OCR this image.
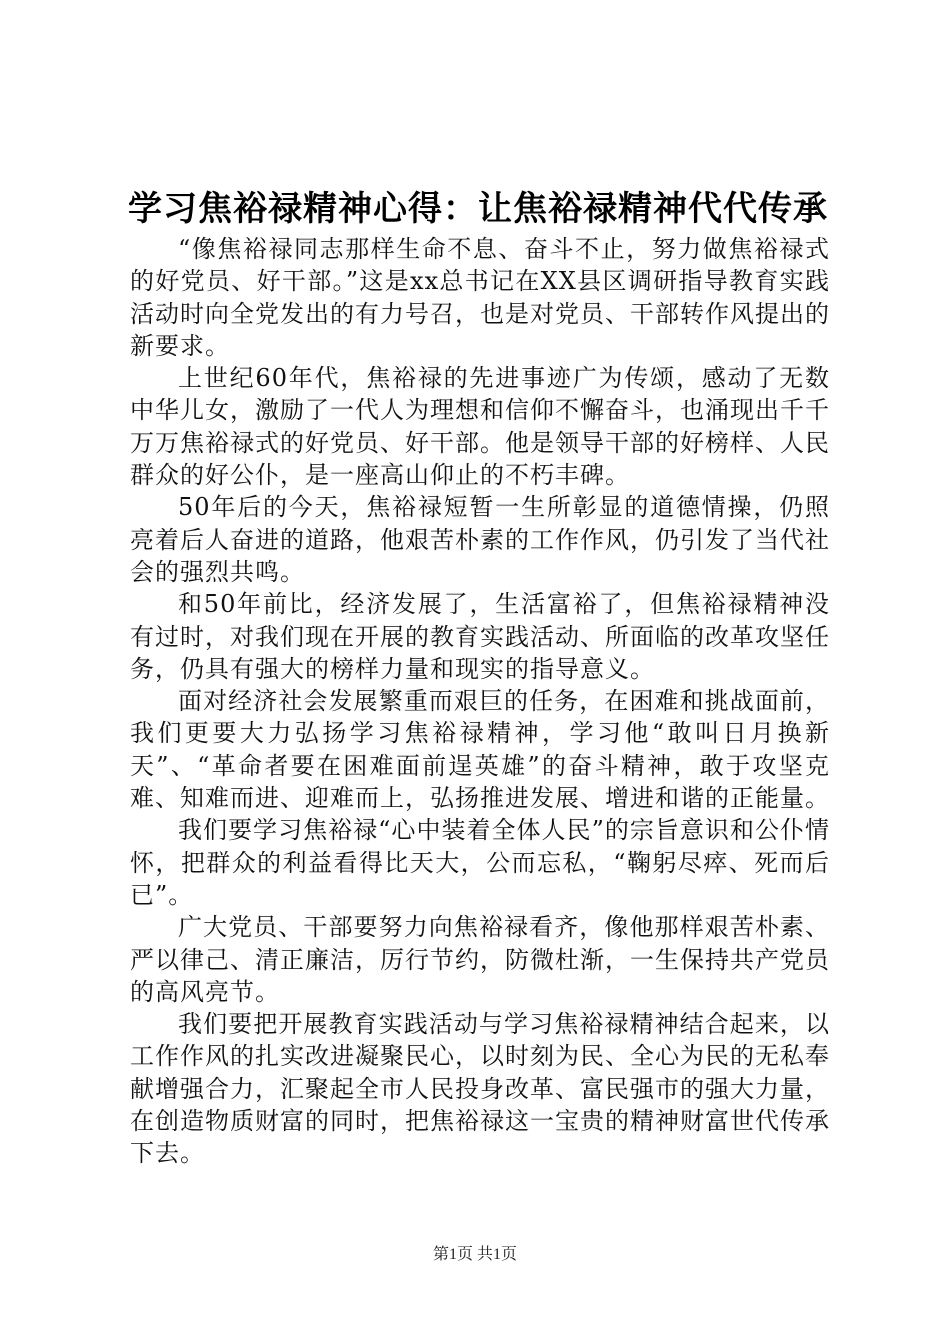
学习焦裕禄精神心得：让焦裕禄精神代代传承

“像焦裕禄同志那样生命不息、奋斗不止，努力做焦裕禄式的好党员、好干部。”这是xx总书记在XX县区调研指导教育实践活动时向全党发出的有力号召，也是对党员、干部转作风提出的新要求。

上世纪60年代，焦裕禄的先进事迹广为传颂，感动了无数中华儿女，激励了一代人为理想和信仰不懈奋斗，也涌现出千千万万焦裕禄式的好党员、好干部。他是领导干部的好榜样、人民群众的好公仆，是一座高山仰止的不朽丰碑。

50年后的今天，焦裕禄短暂一生所彰显的道德情操，仍照亮着后人奋进的道路，他艰苦朴素的工作作风，仍引发了当代社会的强烈共鸣。

和50年前比，经济发展了，生活富裕了，但焦裕禄精神没有过时，对我们现在开展的教育实践活动、所面临的改革攻坚任务，仍具有强大的榜样力量和现实的指导意义。

面对经济社会发展繁重而艰巨的任务，在困难和挑战面前，我们更要大力弘扬学习焦裕禄精神，学习他“敢叫日月换新天”、“革命者要在困难面前逞英雄”的奋斗精神，敢于攻坚克难、知难而进、迎难而上，弘扬推进发展、增进和谐的正能量。

我们要学习焦裕禄“心中装着全体人民”的宗旨意识和公仆情怀，把群众的利益看得比天大，公而忘私，“鞠躬尽瘁、死而后已”。

广大党员、干部要努力向焦裕禄看齐，像他那样艰苦朴素、严以律己、清正廉洁，厉行节约，防微杜渐，一生保持共产党员的高风亮节。

我们要把开展教育实践活动与学习焦裕禄精神结合起来，以工作作风的扎实改进凝聚民心，以时刻为民、全心为民的无私奉献增强合力，汇聚起全市人民投身改革、富民强市的强大力量，在创造物质财富的同时，把焦裕禄这一宝贵的精神财富世代传承下去。

第1页 共1页
